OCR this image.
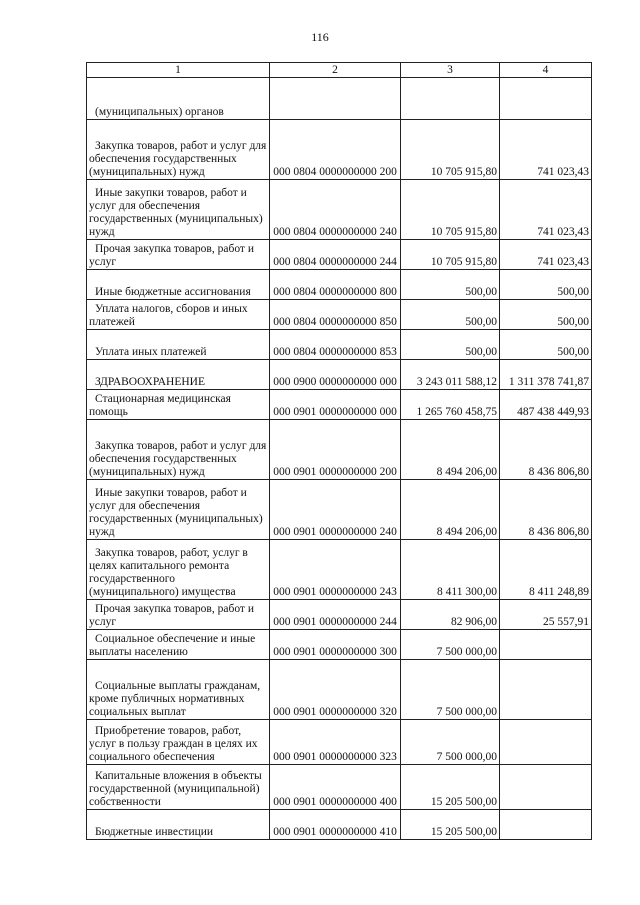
116
1	2	3	4
(муниципальных) органов			
Закупка товаров, работ и услуг для обеспечения государственных (муниципальных) нужд	000 0804 0000000000 200	10 705 915,80	741 023,43
Иные закупки товаров, работ и услуг для обеспечения государственных (муниципальных) нужд	000 0804 0000000000 240	10 705 915,80	741 023,43
Прочая закупка товаров, работ и услуг	000 0804 0000000000 244	10 705 915,80	741 023,43
Иные бюджетные ассигнования	000 0804 0000000000 800	500,00	500,00
Уплата налогов, сборов и иных платежей	000 0804 0000000000 850	500,00	500,00
Уплата иных платежей	000 0804 0000000000 853	500,00	500,00
ЗДРАВООХРАНЕНИЕ	000 0900 0000000000 000	3 243 011 588,12	1 311 378 741,87
Стационарная медицинская помощь	000 0901 0000000000 000	1 265 760 458,75	487 438 449,93
Закупка товаров, работ и услуг для обеспечения государственных (муниципальных) нужд	000 0901 0000000000 200	8 494 206,00	8 436 806,80
Иные закупки товаров, работ и услуг для обеспечения государственных (муниципальных) нужд	000 0901 0000000000 240	8 494 206,00	8 436 806,80
Закупка товаров, работ, услуг в целях капитального ремонта государственного (муниципального) имущества	000 0901 0000000000 243	8 411 300,00	8 411 248,89
Прочая закупка товаров, работ и услуг	000 0901 0000000000 244	82 906,00	25 557,91
Социальное обеспечение и иные выплаты населению	000 0901 0000000000 300	7 500 000,00	
Социальные выплаты гражданам, кроме публичных нормативных социальных выплат	000 0901 0000000000 320	7 500 000,00	
Приобретение товаров, работ, услуг в пользу граждан в целях их социального обеспечения	000 0901 0000000000 323	7 500 000,00	
Капитальные вложения в объекты государственной (муниципальной) собственности	000 0901 0000000000 400	15 205 500,00	
Бюджетные инвестиции	000 0901 0000000000 410	15 205 500,00	
